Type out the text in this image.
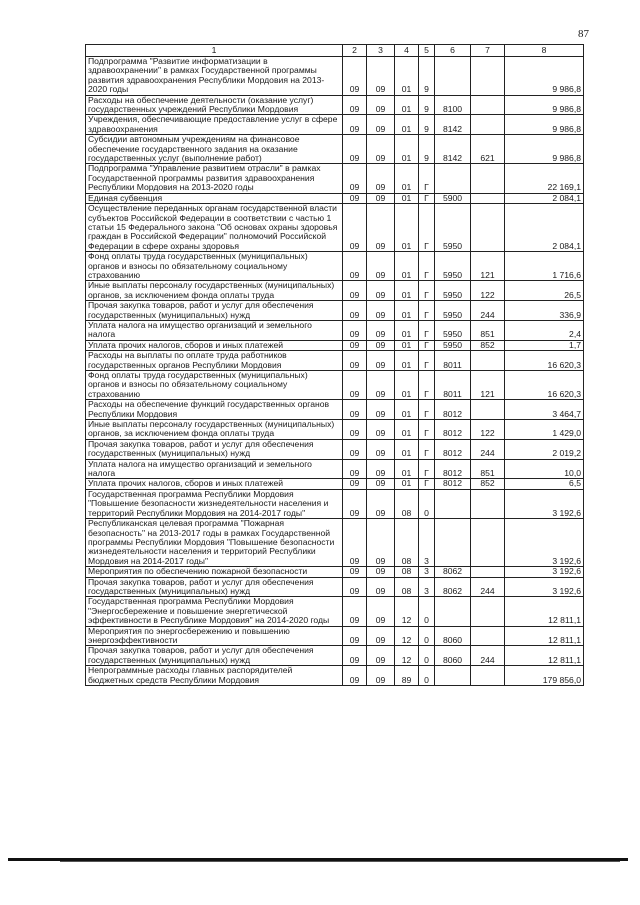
87
1	2	3	4	5	6	7	8
Подпрограмма "Развитие информатизации в здравоохранении" в рамках Государственной программы развития здравоохранения Республики Мордовия на 2013-2020 годы	09	09	01	9			9 986,8
Расходы на обеспечение деятельности (оказание услуг) государственных учреждений Республики Мордовия	09	09	01	9	8100		9 986,8
Учреждения, обеспечивающие предоставление услуг в сфере здравоохранения	09	09	01	9	8142		9 986,8
Субсидии автономным учреждениям на финансовое обеспечение государственного задания на оказание государственных услуг (выполнение работ)	09	09	01	9	8142	621	9 986,8
Подпрограмма "Управление развитием отрасли" в рамках Государственной программы развития здравоохранения Республики Мордовия на 2013-2020 годы	09	09	01	Г			22 169,1
Единая субвенция	09	09	01	Г	5900		2 084,1
Осуществление переданных органам государственной власти субъектов Российской Федерации в соответствии с частью 1 статьи 15 Федерального закона "Об основах охраны здоровья граждан в Российской Федерации" полномочий Российской Федерации в сфере охраны здоровья	09	09	01	Г	5950		2 084,1
Фонд оплаты труда государственных (муниципальных) органов и взносы по обязательному социальному страхованию	09	09	01	Г	5950	121	1 716,6
Иные выплаты персоналу государственных (муниципальных) органов, за исключением фонда оплаты труда	09	09	01	Г	5950	122	26,5
Прочая закупка товаров, работ и услуг для обеспечения государственных (муниципальных) нужд	09	09	01	Г	5950	244	336,9
Уплата налога на имущество организаций и земельного налога	09	09	01	Г	5950	851	2,4
Уплата прочих налогов, сборов и иных платежей	09	09	01	Г	5950	852	1,7
Расходы на выплаты по оплате труда работников государственных органов Республики Мордовия	09	09	01	Г	8011		16 620,3
Фонд оплаты труда государственных (муниципальных) органов и взносы по обязательному социальному страхованию	09	09	01	Г	8011	121	16 620,3
Расходы на обеспечение функций государственных органов Республики Мордовия	09	09	01	Г	8012		3 464,7
Иные выплаты персоналу государственных (муниципальных) органов, за исключением фонда оплаты труда	09	09	01	Г	8012	122	1 429,0
Прочая закупка товаров, работ и услуг для обеспечения государственных (муниципальных) нужд	09	09	01	Г	8012	244	2 019,2
Уплата налога на имущество организаций и земельного налога	09	09	01	Г	8012	851	10,0
Уплата прочих налогов, сборов и иных платежей	09	09	01	Г	8012	852	6,5
Государственная программа Республики Мордовия "Повышение безопасности жизнедеятельности населения и территорий Республики Мордовия на 2014-2017 годы"	09	09	08	0			3 192,6
Республиканская целевая программа "Пожарная безопасность" на 2013-2017 годы в рамках Государственной программы Республики Мордовия "Повышение безопасности жизнедеятельности населения и территорий Республики Мордовия на 2014-2017 годы"	09	09	08	3			3 192,6
Мероприятия по обеспечению пожарной безопасности	09	09	08	3	8062		3 192,6
Прочая закупка товаров, работ и услуг для обеспечения государственных (муниципальных) нужд	09	09	08	3	8062	244	3 192,6
Государственная программа Республики Мордовия "Энергосбережение и повышение энергетической эффективности в Республике Мордовия" на 2014-2020 годы	09	09	12	0			12 811,1
Мероприятия по энергосбережению и повышению энергоэффективности	09	09	12	0	8060		12 811,1
Прочая закупка товаров, работ и услуг для обеспечения государственных (муниципальных) нужд	09	09	12	0	8060	244	12 811,1
Непрограммные расходы главных распорядителей бюджетных средств Республики Мордовия	09	09	89	0			179 856,0
